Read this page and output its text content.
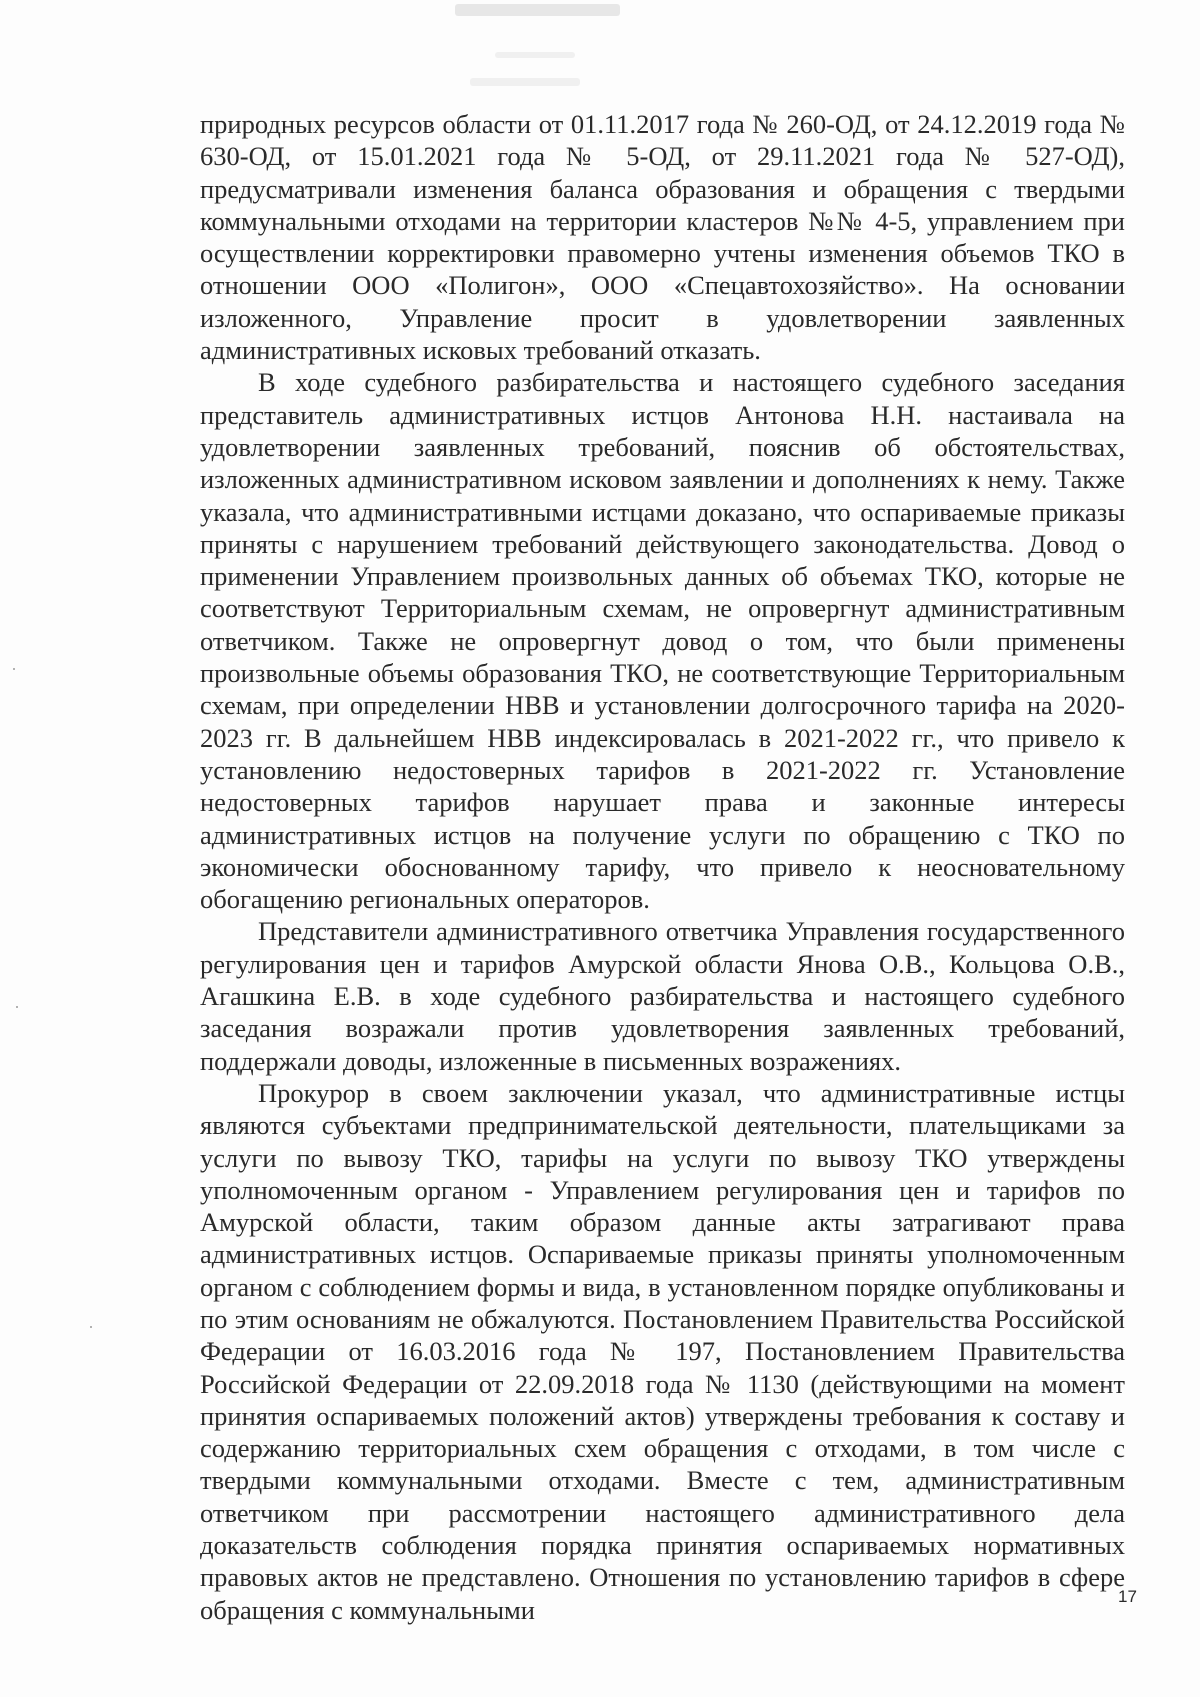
природных ресурсов области от 01.11.2017 года № 260-ОД, от 24.12.2019 года № 630-ОД, от 15.01.2021 года № 5-ОД, от 29.11.2021 года № 527-ОД), предусматривали изменения баланса образования и обращения с твердыми коммунальными отходами на территории кластеров №№ 4-5, управлением при осуществлении корректировки правомерно учтены изменения объемов ТКО в отношении ООО «Полигон», ООО «Спецавтохозяйство». На основании изложенного, Управление просит в удовлетворении заявленных административных исковых требований отказать.

В ходе судебного разбирательства и настоящего судебного заседания представитель административных истцов Антонова Н.Н. настаивала на удовлетворении заявленных требований, пояснив об обстоятельствах, изложенных административном исковом заявлении и дополнениях к нему. Также указала, что административными истцами доказано, что оспариваемые приказы приняты с нарушением требований действующего законодательства. Довод о применении Управлением произвольных данных об объемах ТКО, которые не соответствуют Территориальным схемам, не опровергнут административным ответчиком. Также не опровергнут довод о том, что были применены произвольные объемы образования ТКО, не соответствующие Территориальным схемам, при определении НВВ и установлении долгосрочного тарифа на 2020-2023 гг. В дальнейшем НВВ индексировалась в 2021-2022 гг., что привело к установлению недостоверных тарифов в 2021-2022 гг. Установление недостоверных тарифов нарушает права и законные интересы административных истцов на получение услуги по обращению с ТКО по экономически обоснованному тарифу, что привело к неосновательному обогащению региональных операторов.

Представители административного ответчика Управления государственного регулирования цен и тарифов Амурской области Янова О.В., Кольцова О.В., Агашкина Е.В. в ходе судебного разбирательства и настоящего судебного заседания возражали против удовлетворения заявленных требований, поддержали доводы, изложенные в письменных возражениях.

Прокурор в своем заключении указал, что административные истцы являются субъектами предпринимательской деятельности, плательщиками за услуги по вывозу ТКО, тарифы на услуги по вывозу ТКО утверждены уполномоченным органом - Управлением регулирования цен и тарифов по Амурской области, таким образом данные акты затрагивают права административных истцов. Оспариваемые приказы приняты уполномоченным органом с соблюдением формы и вида, в установленном порядке опубликованы и по этим основаниям не обжалуются. Постановлением Правительства Российской Федерации от 16.03.2016 года № 197, Постановлением Правительства Российской Федерации от 22.09.2018 года № 1130 (действующими на момент принятия оспариваемых положений актов) утверждены требования к составу и содержанию территориальных схем обращения с отходами, в том числе с твердыми коммунальными отходами. Вместе с тем, административным ответчиком при рассмотрении настоящего административного дела доказательств соблюдения порядка принятия оспариваемых нормативных правовых актов не представлено. Отношения по установлению тарифов в сфере обращения с коммунальными	17
